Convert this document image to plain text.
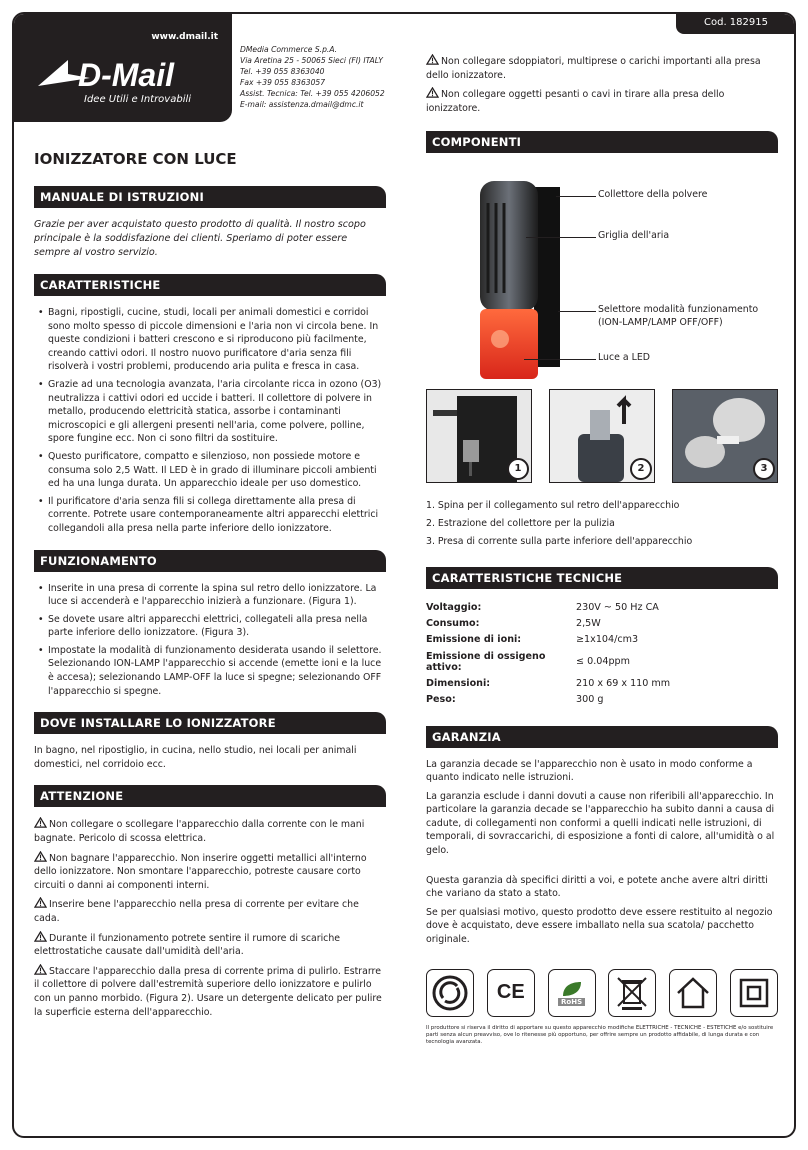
www.dmail.it
D-Mail
Idee Utili e Introvabili
DMedia Commerce S.p.A.
Via Aretina 25 - 50065 Sieci (FI) ITALY
Tel. +39 055 8363040
Fax +39 055 8363057
Assist. Tecnica: Tel. +39 055 4206052
E-mail: assistenza.dmail@dmc.it
Cod. 182915
IONIZZATORE CON LUCE
MANUALE DI ISTRUZIONI

Grazie per aver acquistato questo prodotto di qualità. Il nostro scopo principale è la soddisfazione dei clienti. Speriamo di poter essere sempre al vostro servizio.

CARATTERISTICHE
• Bagni, ripostigli, cucine, studi, locali per animali domestici e corridoi sono molto spesso di piccole dimensioni e l'aria non vi circola bene. In queste condizioni i batteri crescono e si riproducono più facilmente, creando cattivi odori. Il nostro nuovo purificatore d'aria senza fili risolverà i vostri problemi, producendo aria pulita e fresca in casa.
• Grazie ad una tecnologia avanzata, l'aria circolante ricca in ozono (O3) neutralizza i cattivi odori ed uccide i batteri. Il collettore di polvere in metallo, producendo elettricità statica, assorbe i contaminanti microscopici e gli allergeni presenti nell'aria, come polvere, polline, spore fungine ecc. Non ci sono filtri da sostituire.
• Questo purificatore, compatto e silenzioso, non possiede motore e consuma solo 2,5 Watt. Il LED è in grado di illuminare piccoli ambienti ed ha una lunga durata. Un apparecchio ideale per uso domestico.
• Il purificatore d'aria senza fili si collega direttamente alla presa di corrente. Potrete usare contemporaneamente altri apparecchi elettrici collegandoli alla presa nella parte inferiore dello ionizzatore.
FUNZIONAMENTO
• Inserite in una presa di corrente la spina sul retro dello ionizzatore. La luce si accenderà e l'apparecchio inizierà a funzionare. (Figura 1).
• Se dovete usare altri apparecchi elettrici, collegateli alla presa nella parte inferiore dello ionizzatore. (Figura 3).
• Impostate la modalità di funzionamento desiderata usando il selettore. Selezionando ION-LAMP l'apparecchio si accende (emette ioni e la luce è accesa); selezionando LAMP-OFF la luce si spegne; selezionando OFF l'apparecchio si spegne.
DOVE INSTALLARE LO IONIZZATORE

In bagno, nel ripostiglio, in cucina, nello studio, nei locali per animali domestici, nel corridoio ecc.

ATTENZIONE

Non collegare o scollegare l'apparecchio dalla corrente con le mani bagnate. Pericolo di scossa elettrica.

Non bagnare l'apparecchio. Non inserire oggetti metallici all'interno dello ionizzatore. Non smontare l'apparecchio, potreste causare corto circuiti o danni ai componenti interni.

Inserire bene l'apparecchio nella presa di corrente per evitare che cada.

Durante il funzionamento potrete sentire il rumore di scariche elettrostatiche causate dall'umidità dell'aria.

Staccare l'apparecchio dalla presa di corrente prima di pulirlo. Estrarre il collettore di polvere dall'estremità superiore dello ionizzatore e pulirlo con un panno morbido. (Figura 2). Usare un detergente delicato per pulire la superficie esterna dell'apparecchio.

Non collegare sdoppiatori, multiprese o carichi importanti alla presa dello ionizzatore.

Non collegare oggetti pesanti o cavi in tirare alla presa dello ionizzatore.

COMPONENTI
Collettore della polvere
Griglia dell'aria
Selettore modalità funzionamento (ION-LAMP/LAMP OFF/OFF)
Luce a LED
1	2	3
1. Spina per il collegamento sul retro dell'apparecchio
2. Estrazione del collettore per la pulizia
3. Presa di corrente sulla parte inferiore dell'apparecchio
CARATTERISTICHE TECNICHE
Voltaggio:	230V ~ 50 Hz CA
Consumo:	2,5W
Emissione di ioni:	≥1x104/cm3
Emissione di ossigeno attivo:	≤ 0.04ppm
Dimensioni:	210 x 69 x 110 mm
Peso:	300 g
GARANZIA

La garanzia decade se l'apparecchio non è usato in modo conforme a quanto indicato nelle istruzioni.

La garanzia esclude i danni dovuti a cause non riferibili all'apparecchio. In particolare la garanzia decade se l'apparecchio ha subito danni a causa di cadute, di collegamenti non conformi a quelli indicati nelle istruzioni, di temporali, di sovraccarichi, di esposizione a fonti di calore, all'umidità o al gelo.

Questa garanzia dà specifici diritti a voi, e potete anche avere altri diritti che variano da stato a stato.

Se per qualsiasi motivo, questo prodotto deve essere restituito al negozio dove è acquistato, deve essere imballato nella sua scatola/ pacchetto originale.

CE	RoHS
Il produttore si riserva il diritto di apportare su questo apparecchio modifiche ELETTRICHE - TECNICHE - ESTETICHE e/o sostituire parti senza alcun preavviso, ove lo ritenesse più opportuno, per offrire sempre un prodotto affidabile, di lunga durata e con tecnologia avanzata.
